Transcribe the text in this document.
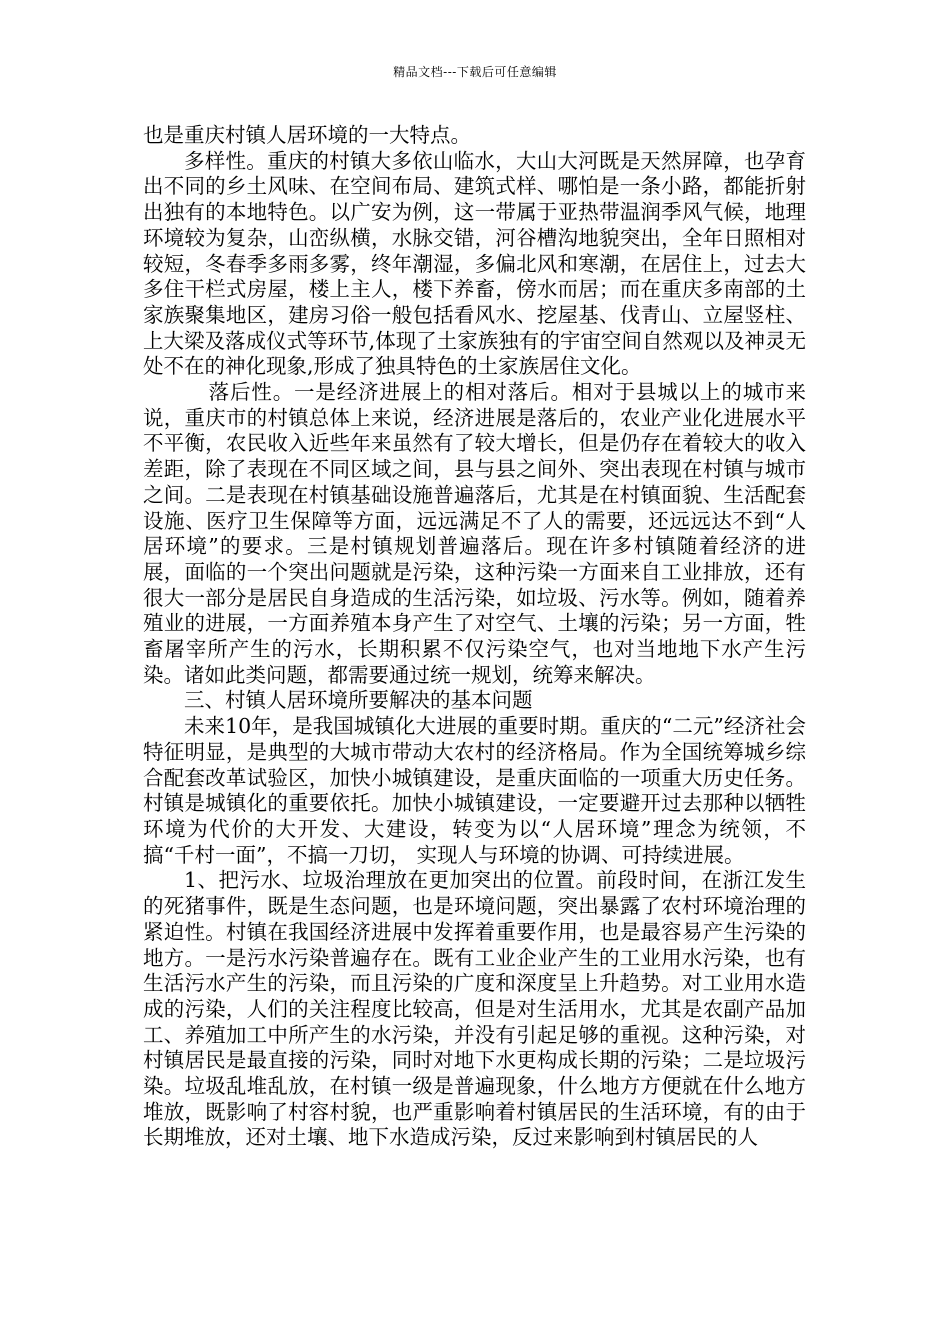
精品文档---下载后可任意编辑

也是重庆村镇人居环境的一大特点。

多样性。重庆的村镇大多依山临水，大山大河既是天然屏障，也孕育出不同的乡土风味、在空间布局、建筑式样、哪怕是一条小路，都能折射出独有的本地特色。以广安为例，这一带属于亚热带温润季风气候，地理环境较为复杂，山峦纵横，水脉交错，河谷槽沟地貌突出，全年日照相对较短，冬春季多雨多雾，终年潮湿，多偏北风和寒潮，在居住上，过去大多住干栏式房屋，楼上主人，楼下养畜，傍水而居；而在重庆多南部的土家族聚集地区，建房习俗一般包括看风水、挖屋基、伐青山、立屋竖柱、上大梁及落成仪式等环节,体现了土家族独有的宇宙空间自然观以及神灵无处不在的神化现象,形成了独具特色的土家族居住文化。

落后性。一是经济进展上的相对落后。相对于县城以上的城市来说，重庆市的村镇总体上来说，经济进展是落后的，农业产业化进展水平不平衡，农民收入近些年来虽然有了较大增长，但是仍存在着较大的收入差距，除了表现在不同区域之间，县与县之间外、突出表现在村镇与城市之间。二是表现在村镇基础设施普遍落后，尤其是在村镇面貌、生活配套设施、医疗卫生保障等方面，远远满足不了人的需要，还远远达不到“人居环境”的要求。三是村镇规划普遍落后。现在许多村镇随着经济的进展，面临的一个突出问题就是污染，这种污染一方面来自工业排放，还有很大一部分是居民自身造成的生活污染，如垃圾、污水等。例如，随着养殖业的进展，一方面养殖本身产生了对空气、土壤的污染；另一方面，牲畜屠宰所产生的污水，长期积累不仅污染空气，也对当地地下水产生污染。诸如此类问题，都需要通过统一规划，统筹来解决。

三、村镇人居环境所要解决的基本问题

未来10年，是我国城镇化大进展的重要时期。重庆的“二元”经济社会特征明显，是典型的大城市带动大农村的经济格局。作为全国统筹城乡综合配套改革试验区，加快小城镇建设，是重庆面临的一项重大历史任务。村镇是城镇化的重要依托。加快小城镇建设，一定要避开过去那种以牺牲环境为代价的大开发、大建设，转变为以“人居环境”理念为统领，不搞“千村一面”，不搞一刀切， 实现人与环境的协调、可持续进展。

1、把污水、垃圾治理放在更加突出的位置。前段时间，在浙江发生的死猪事件，既是生态问题，也是环境问题，突出暴露了农村环境治理的紧迫性。村镇在我国经济进展中发挥着重要作用，也是最容易产生污染的地方。一是污水污染普遍存在。既有工业企业产生的工业用水污染，也有生活污水产生的污染，而且污染的广度和深度呈上升趋势。对工业用水造成的污染，人们的关注程度比较高，但是对生活用水，尤其是农副产品加工、养殖加工中所产生的水污染，并没有引起足够的重视。这种污染，对村镇居民是最直接的污染，同时对地下水更构成长期的污染；二是垃圾污染。垃圾乱堆乱放，在村镇一级是普遍现象，什么地方方便就在什么地方堆放，既影响了村容村貌，也严重影响着村镇居民的生活环境，有的由于长期堆放，还对土壤、地下水造成污染，反过来影响到村镇居民的人
